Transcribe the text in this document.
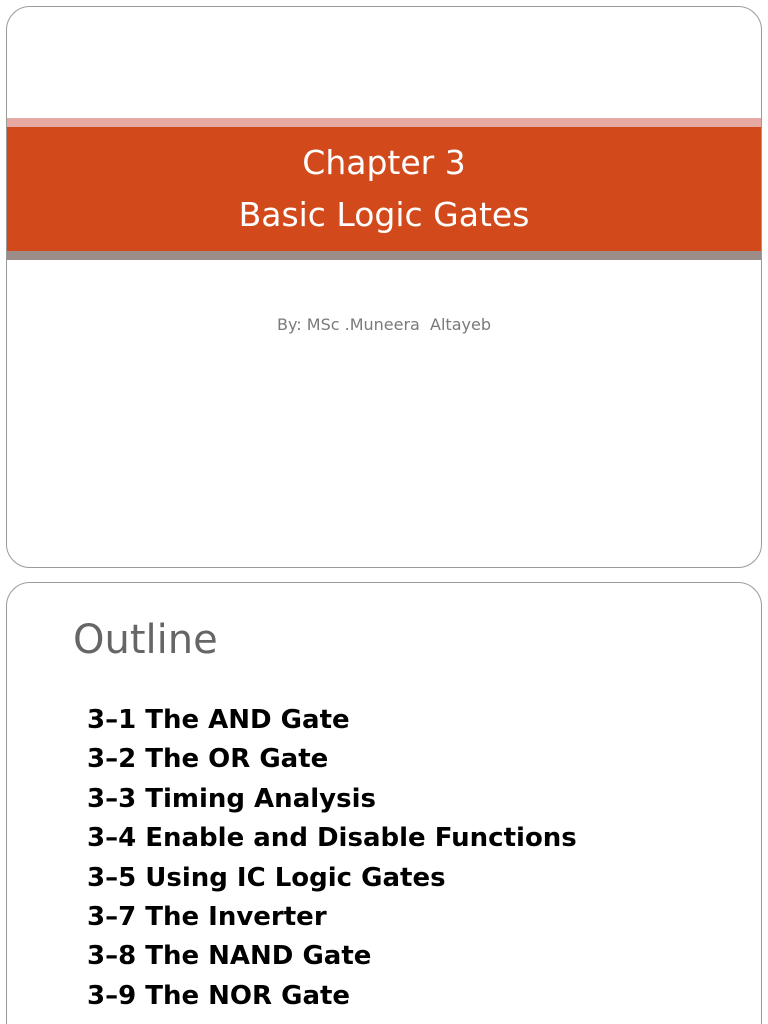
Chapter 3
Basic Logic Gates
By: MSc .Muneera  Altayeb
Outline
3–1 The AND Gate
3–2 The OR Gate
3–3 Timing Analysis
3–4 Enable and Disable Functions
3–5 Using IC Logic Gates
3–7 The Inverter
3–8 The NAND Gate
3–9 The NOR Gate
